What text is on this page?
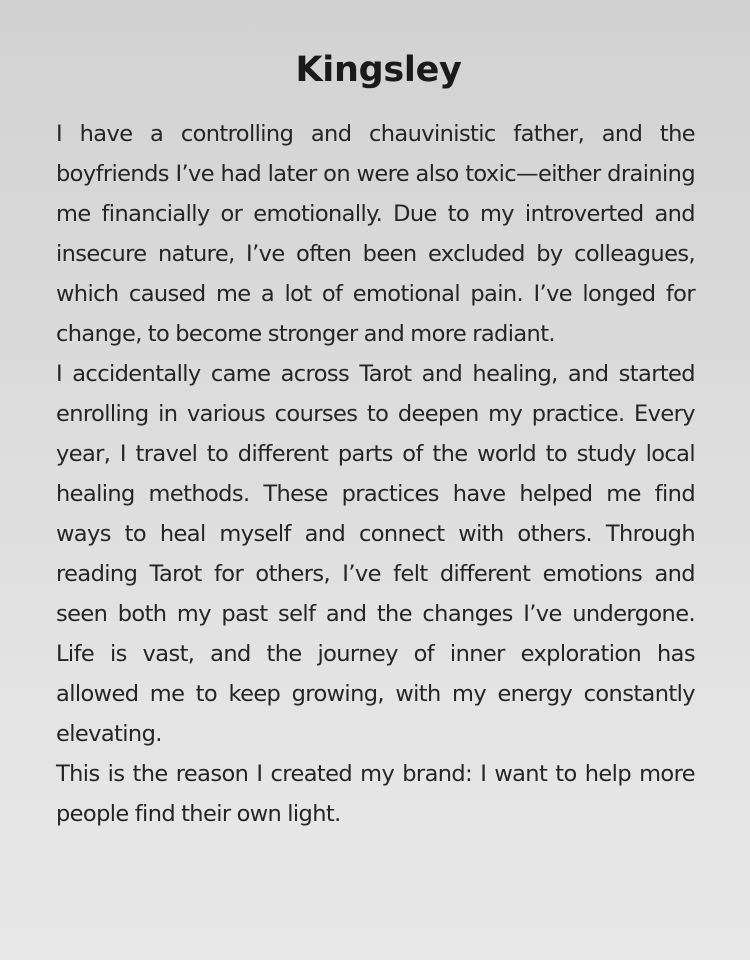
Kingsley

I have a controlling and chauvinistic father, and the boyfriends I’ve had later on were also toxic—either draining me financially or emotionally. Due to my introverted and insecure nature, I’ve often been excluded by colleagues, which caused me a lot of emotional pain. I’ve longed for change, to become stronger and more radiant.

I accidentally came across Tarot and healing, and started enrolling in various courses to deepen my practice. Every year, I travel to different parts of the world to study local healing methods. These practices have helped me find ways to heal myself and connect with others. Through reading Tarot for others, I’ve felt different emotions and seen both my past self and the changes I’ve undergone. Life is vast, and the journey of inner exploration has allowed me to keep growing, with my energy constantly elevating.

This is the reason I created my brand: I want to help more people find their own light.
